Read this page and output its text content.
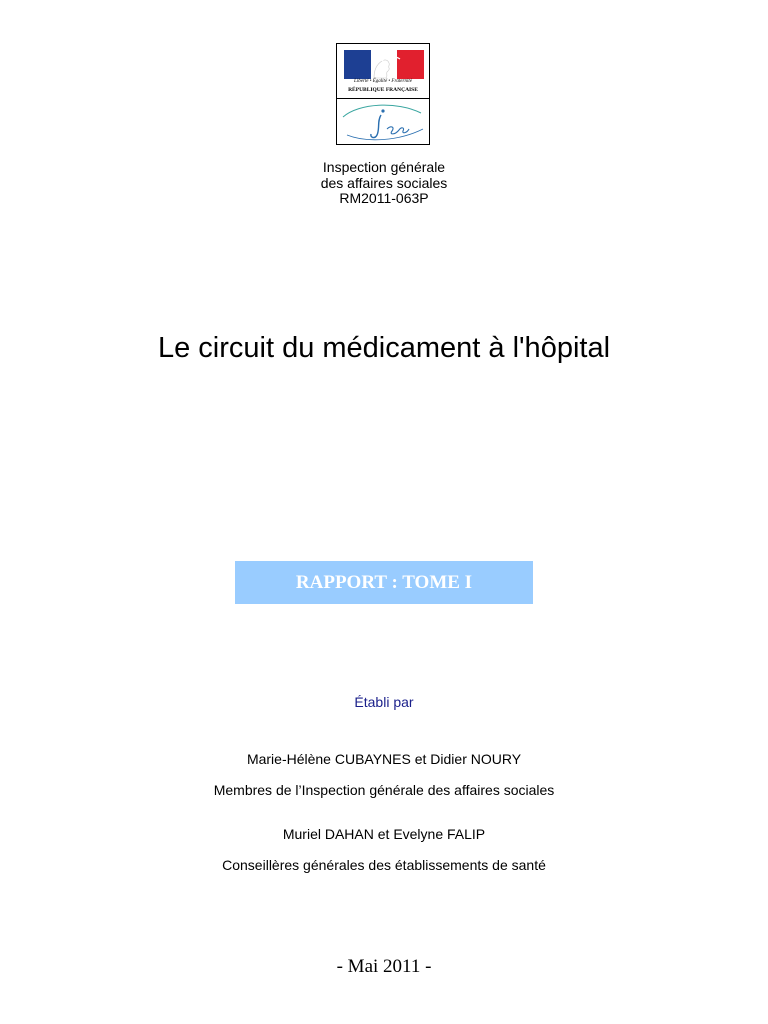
Liberté • Égalité • Fraternité
RÉPUBLIQUE FRANÇAISE
Inspection générale
des affaires sociales
RM2011-063P
Le circuit du médicament à l'hôpital
RAPPORT : TOME I
Établi par
Marie-Hélène CUBAYNES et Didier NOURY
Membres de l’Inspection générale des affaires sociales
Muriel DAHAN et Evelyne FALIP
Conseillères générales des établissements de santé
- Mai 2011 -
